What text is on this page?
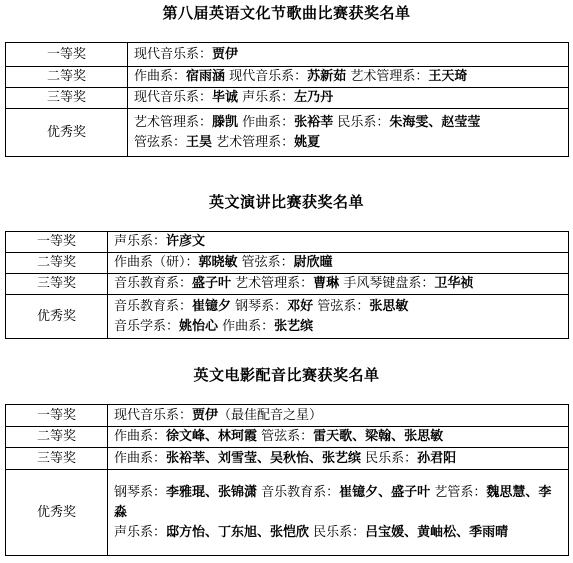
第八届英语文化节歌曲比赛获奖名单
一等奖	现代音乐系：贾伊

二等奖	作曲系：宿雨涵 现代音乐系：苏新茹 艺术管理系：王天琦

三等奖	现代音乐系：毕诚 声乐系：左乃丹

优秀奖	艺术管理系：滕凯 作曲系：张裕莘 民乐系：朱海雯、赵莹莹
管弦系：王昊 艺术管理系：姚夏
英文演讲比赛获奖名单
一等奖	声乐系：许彦文

二等奖	作曲系（研）：郭晓敏 管弦系：尉欣曈

三等奖	音乐教育系：盛子叶 艺术管理系：曹琳 手风琴键盘系：卫华祯

优秀奖	音乐教育系：崔镱夕 钢琴系：邓好 管弦系：张思敏
音乐学系：姚怡心 作曲系：张艺缤
英文电影配音比赛获奖名单
一等奖	现代音乐系：贾伊（最佳配音之星）

二等奖	作曲系：徐文峰、林珂霞 管弦系：雷天歌、梁翰、张思敏

三等奖	作曲系：张裕莘、刘雪莹、吴秋怡、张艺缤 民乐系：孙君阳

优秀奖	钢琴系：李雅琨、张锦潇 音乐教育系：崔镱夕、盛子叶 艺管系：魏思慧、李淼
声乐系：邸方怡、丁东旭、张恺欣 民乐系：吕宝媛、黄岫松、季雨晴
